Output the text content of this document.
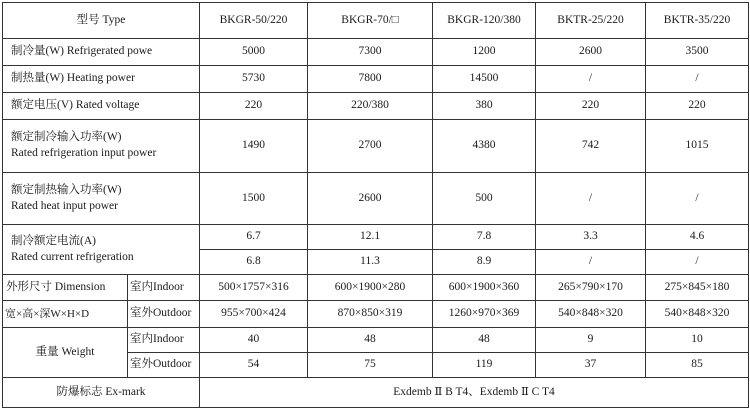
型号 Type		BKGR-50/220	BKGR-70/□	BKGR-120/380	BKTR-25/220	BKTR-35/220
制冷量(W) Refrigerated powe		5000	7300	1200	2600	3500
制热量(W) Heating power		5730	7800	14500	/	/
额定电压(V) Rated voltage		220	220/380	380	220	220

额定制冷输入功率(W)
Rated refrigeration input power		1490	2700	4380	742	1015

额定制热输入功率(W)
Rated heat input power		1500	2600	500	/	/

制冷额定电流(A)
Rated current refrigeration		6.7	12.1	7.8	3.3	4.6
		6.8	11.3	8.9	/	/
外形尺寸 Dimension	室内Indoor	500×1757×316	600×1900×280	600×1900×360	265×790×170	275×845×180
宽×高×深W×H×D	室外Outdoor	955×700×424	870×850×319	1260×970×369	540×848×320	540×848×320
重量 Weight	室内Indoor	40	48	48	9	10
	室外Outdoor	54	75	119	37	85
防爆标志 Ex-mark		Exdemb Ⅱ B T4、Exdemb Ⅱ C T4				
